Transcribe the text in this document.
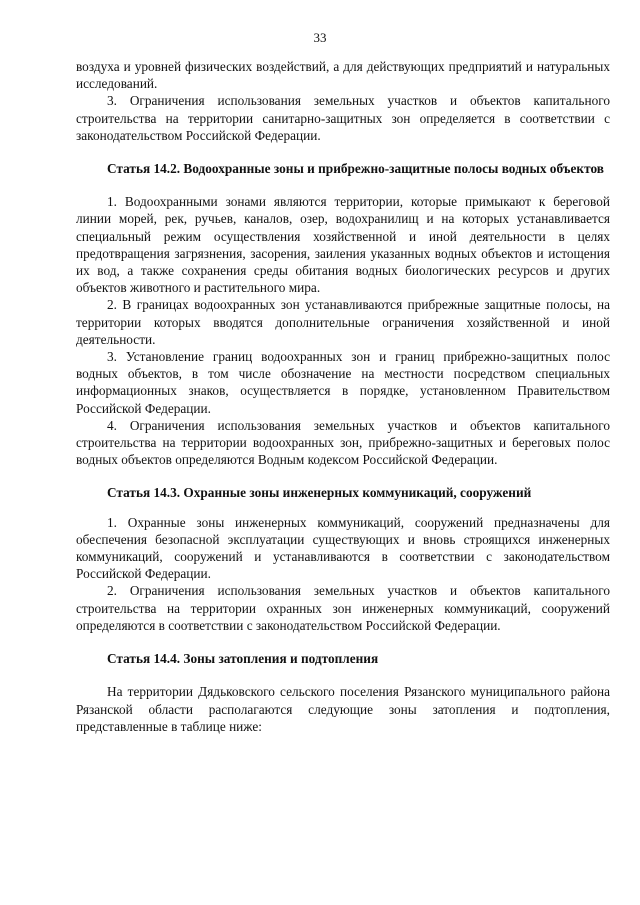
33

воздуха и уровней физических воздействий, а для действующих предприятий и натуральных исследований.

3. Ограничения использования земельных участков и объектов капитального строительства на территории санитарно-защитных зон определяется в соответствии с законодательством Российской Федерации.

Статья 14.2. Водоохранные зоны и прибрежно-защитные полосы водных объектов

1. Водоохранными зонами являются территории, которые примыкают к береговой линии морей, рек, ручьев, каналов, озер, водохранилищ и на которых устанавливается специальный режим осуществления хозяйственной и иной деятельности в целях предотвращения загрязнения, засорения, заиления указанных водных объектов и истощения их вод, а также сохранения среды обитания водных биологических ресурсов и других объектов животного и растительного мира.

2. В границах водоохранных зон устанавливаются прибрежные защитные полосы, на территории которых вводятся дополнительные ограничения хозяйственной и иной деятельности.

3. Установление границ водоохранных зон и границ прибрежно-защитных полос водных объектов, в том числе обозначение на местности посредством специальных информационных знаков, осуществляется в порядке, установленном Правительством Российской Федерации.

4. Ограничения использования земельных участков и объектов капитального строительства на территории водоохранных зон, прибрежно-защитных и береговых полос водных объектов определяются Водным кодексом Российской Федерации.

Статья 14.3. Охранные зоны инженерных коммуникаций, сооружений

1. Охранные зоны инженерных коммуникаций, сооружений предназначены для обеспечения безопасной эксплуатации существующих и вновь строящихся инженерных коммуникаций, сооружений и устанавливаются в соответствии с законодательством Российской Федерации.

2. Ограничения использования земельных участков и объектов капитального строительства на территории охранных зон инженерных коммуникаций, сооружений определяются в соответствии с законодательством Российской Федерации.

Статья 14.4. Зоны затопления и подтопления

На территории Дядьковского сельского поселения Рязанского муниципального района Рязанской области располагаются следующие зоны затопления и подтопления, представленные в таблице ниже:
